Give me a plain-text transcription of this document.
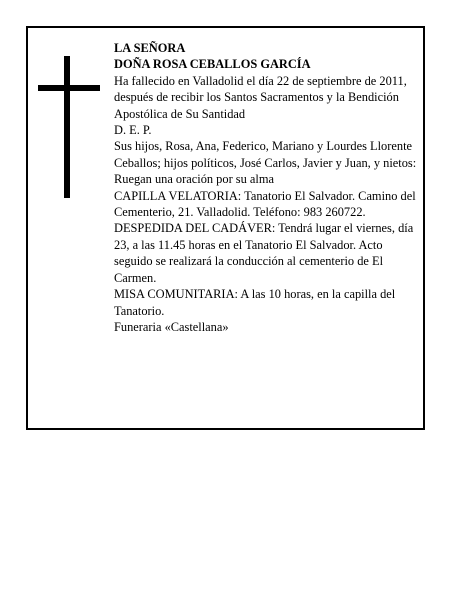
LA SEÑORA

DOÑA ROSA CEBALLOS GARCÍA

Ha fallecido en Valladolid el día 22 de septiembre de 2011, después de recibir los Santos Sacramentos y la Bendición Apostólica de Su Santidad

D. E. P.

Sus hijos, Rosa, Ana, Federico, Mariano y Lourdes Llorente Ceballos; hijos políticos, José Carlos, Javier y Juan, y nietos:

Ruegan una oración por su alma

CAPILLA VELATORIA: Tanatorio El Salvador. Camino del Cementerio, 21. Valladolid. Teléfono: 983 260722.

DESPEDIDA DEL CADÁVER: Tendrá lugar el viernes, día 23, a las 11.45 horas en el Tanatorio El Salvador. Acto seguido se realizará la conducción al cementerio de El Carmen.

MISA COMUNITARIA: A las 10 horas, en la capilla del Tanatorio.

Funeraria «Castellana»
